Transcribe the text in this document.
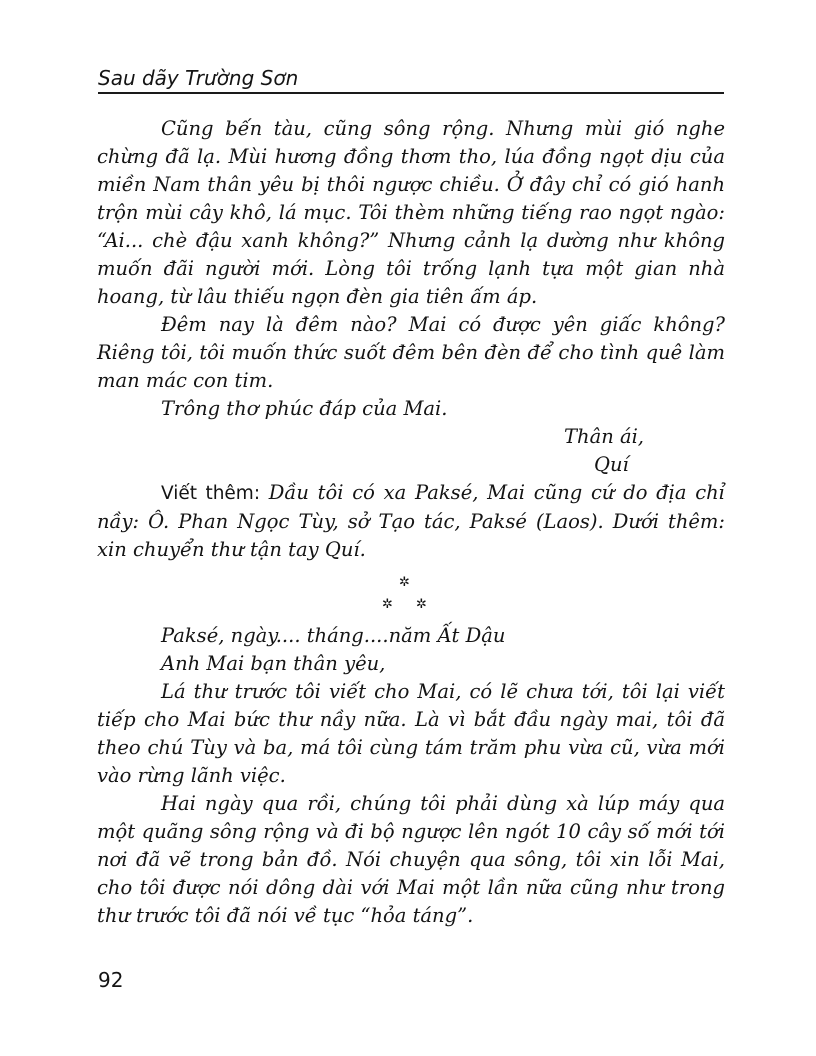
Sau dãy Trường Sơn

Cũng bến tàu, cũng sông rộng. Nhưng mùi gió nghe chừng đã lạ. Mùi hương đồng thơm tho, lúa đồng ngọt dịu của miền Nam thân yêu bị thôi ngược chiều. Ở đây chỉ có gió hanh trộn mùi cây khô, lá mục. Tôi thèm những tiếng rao ngọt ngào: “Ai... chè đậu xanh không?” Nhưng cảnh lạ dường như không muốn đãi người mới. Lòng tôi trống lạnh tựa một gian nhà hoang, từ lâu thiếu ngọn đèn gia tiên ấm áp.

Đêm nay là đêm nào? Mai có được yên giấc không? Riêng tôi, tôi muốn thức suốt đêm bên đèn để cho tình quê làm man mác con tim.

Trông thơ phúc đáp của Mai.

Thân ái,

Quí

Viết thêm: Dầu tôi có xa Paksé, Mai cũng cứ do địa chỉ nầy: Ô. Phan Ngọc Tùy, sở Tạo tác, Paksé (Laos). Dưới thêm: xin chuyển thư tận tay Quí.

✲
✲ ✲

Paksé, ngày.... tháng....năm Ất Dậu

Anh Mai bạn thân yêu,

Lá thư trước tôi viết cho Mai, có lẽ chưa tới, tôi lại viết tiếp cho Mai bức thư nầy nữa. Là vì bắt đầu ngày mai, tôi đã theo chú Tùy và ba, má tôi cùng tám trăm phu vừa cũ, vừa mới vào rừng lãnh việc.

Hai ngày qua rồi, chúng tôi phải dùng xà lúp máy qua một quãng sông rộng và đi bộ ngược lên ngót 10 cây số mới tới nơi đã vẽ trong bản đồ. Nói chuyện qua sông, tôi xin lỗi Mai, cho tôi được nói dông dài với Mai một lần nữa cũng như trong thư trước tôi đã nói về tục “hỏa táng”.

92
